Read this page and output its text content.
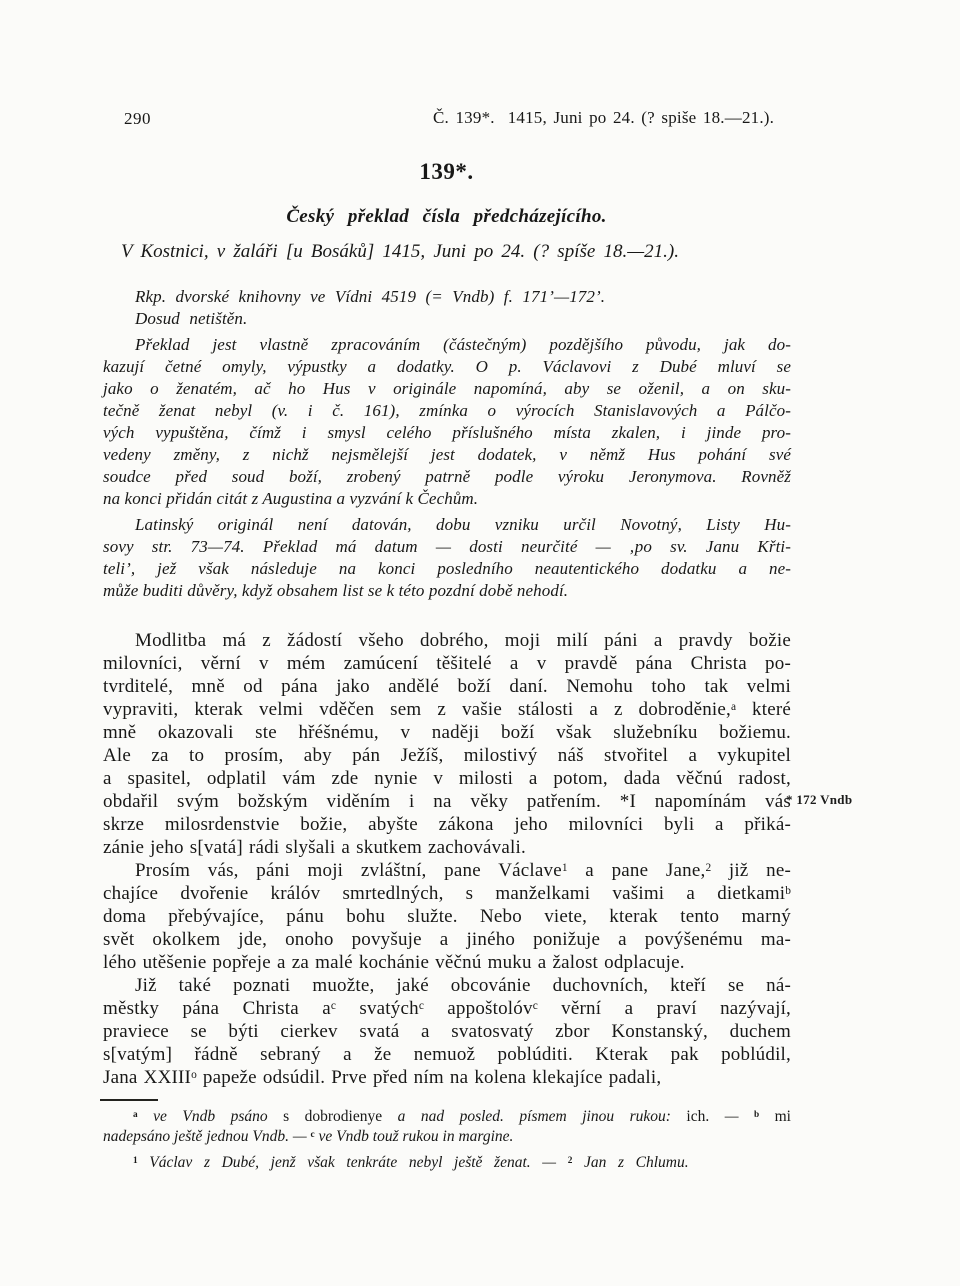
290	Č. 139*.  1415, Juni po 24. (? spiše 18.—21.).
139*.
Český překlad čísla předcházejícího.
V Kostnici, v žaláři [u Bosáků] 1415, Juni po 24. (? spíše 18.—21.).
Rkp. dvorské knihovny ve Vídni 4519 (= Vndb) f. 171’—172’.
Dosud netištěn.
Překlad jest vlastně zpracováním (částečným) pozdějšího původu, jak do-
kazují četné omyly, výpustky a dodatky. O p. Václavovi z Dubé mluví se
jako o ženatém, ač ho Hus v originále napomíná, aby se oženil, a on sku-
tečně ženat nebyl (v. i č. 161), zmínka o výrocích Stanislavových a Pálčo-
vých vypuštěna, čímž i smysl celého příslušného místa zkalen, i jinde pro-
vedeny změny, z nichž nejsmělejší jest dodatek, v němž Hus pohání své
soudce před soud boží, zrobený patrně podle výroku Jeronymova. Rovněž
na konci přidán citát z Augustina a vyzvání k Čechům.
Latinský originál není datován, dobu vzniku určil Novotný, Listy Hu-
sovy str. 73—74. Překlad má datum — dosti neurčité — ‚po sv. Janu Křti-
teli’, jež však následuje na konci posledního neautentického dodatku a ne-
může buditi důvěry, když obsahem list se k této pozdní době nehodí.
Modlitba má z žádostí všeho dobrého, moji milí páni a pravdy božie
milovníci, věrní v mém zamúcení těšitelé a v pravdě pána Christa po-
tvrditelé, mně od pána jako andělé boží daní. Nemohu toho tak velmi
vypraviti, kterak velmi vděčen sem z vašie stálosti a z dobroděnie,$^a$ které
mně okazovali ste hřéšnému, v naději boží však služebníku božiemu.
Ale za to prosím, aby pán Ježíš, milostivý náš stvořitel a vykupitel
a spasitel, odplatil vám zde nynie v milosti a potom, dada věčnú radost,
obdařil svým božským viděním i na věky patřením. *I napomínám vás
skrze milosrdenstvie božie, abyšte zákona jeho milovníci byli a přiká-
zánie jeho s[vatá] rádi slyšali a skutkem zachovávali.
Prosím vás, páni moji zvláštní, pane Václave$^1$ a pane Jane,$^2$ již ne-
chajíce dvořenie králóv smrtedlných, s manželkami vašimi a dietkami$^b$
doma přebývajíce, pánu bohu služte. Nebo viete, kterak tento marný
svět okolkem jde, onoho povyšuje a jiného ponižuje a povýšenému ma-
lého utěšenie popřeje a za malé kochánie věčnú muku a žalost odplacuje.
Již také poznati muožte, jaké obcovánie duchovních, kteří se ná-
městky pána Christa $a^c$ svatých$^c$ appoštolóv$^c$ věrní a praví nazývají,
praviece se býti cierkev svatá a svatosvatý zbor Konstanský, duchem
s[vatým] řádně sebraný a že nemuož poblúditi. Kterak pak poblúdil,
Jana XXIII$^o$ papeže odsúdil. Prve před ním na kolena klekajíce padali,
* 172 Vndb
$^a$ ve Vndb psáno s dobrodienye a nad posled. písmem jinou rukou: ich. — $^b$ mi
nadepsáno ještě jednou Vndb. — $^c$ ve Vndb touž rukou in margine.
$^1$ Václav z Dubé, jenž však tenkráte nebyl ještě ženat. — $^2$ Jan z Chlumu.
